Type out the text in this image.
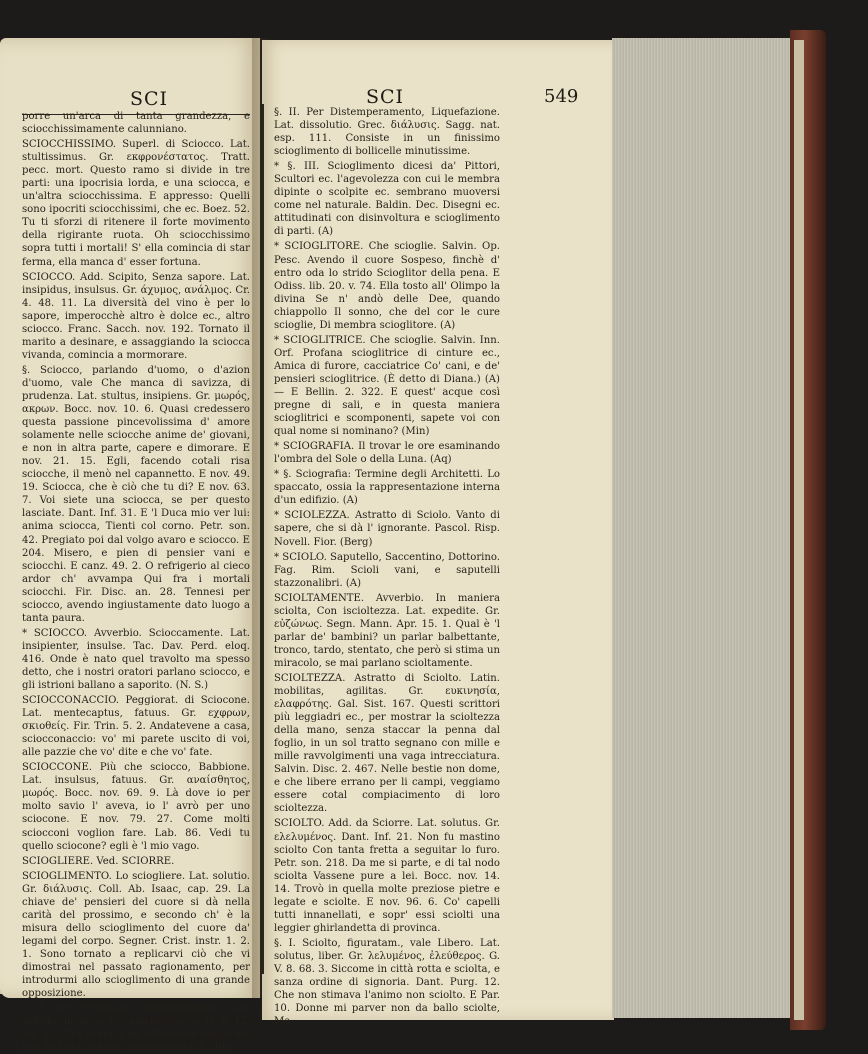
SCI

porre un'arca di tanta grandezza, e sciocchissimamente calunniano.

SCIOCCHISSIMO. Superl. di Sciocco. Lat. stultissimus. Gr. εκφρονέστατος. Tratt. pecc. mort. Questo ramo si divide in tre parti: una ipocrisia lorda, e una sciocca, e un'altra sciocchissima. E appresso: Quelli sono ipocriti sciocchissimi, che ec. Boez. 52. Tu ti sforzi di ritenere il forte movimento della rigirante ruota. Oh sciocchissimo sopra tutti i mortali! S' ella comincia di star ferma, ella manca d' esser fortuna.

SCIOCCO. Add. Scipito, Senza sapore. Lat. insipidus, insulsus. Gr. άχυμος, ανάλμος. Cr. 4. 48. 11. La diversità del vino è per lo sapore, imperocchè altro è dolce ec., altro sciocco. Franc. Sacch. nov. 192. Tornato il marito a desinare, e assaggiando la sciocca vivanda, comincia a mormorare.

§. Sciocco, parlando d'uomo, o d'azion d'uomo, vale Che manca di savizza, di prudenza. Lat. stultus, insipiens. Gr. μωρός, ακρων. Bocc. nov. 10. 6. Quasi credessero questa passione pincevolissima d' amore solamente nelle sciocche anime de' giovani, e non in altra parte, capere e dimorare. E nov. 21. 15. Egli, facendo cotali risa sciocche, il menò nel capannetto. E nov. 49. 19. Sciocca, che è ciò che tu di? E nov. 63. 7. Voi siete una sciocca, se per questo lasciate. Dant. Inf. 31. E 'l Duca mio ver lui: anima sciocca, Tienti col corno. Petr. son. 42. Pregiato poi dal volgo avaro e sciocco. E 204. Misero, e pien di pensier vani e sciocchi. E canz. 49. 2. O refrigerio al cieco ardor ch' avvampa Qui fra i mortali sciocchi. Fir. Disc. an. 28. Tennesi per sciocco, avendo ingiustamente dato luogo a tanta paura.

* SCIOCCO. Avverbio. Scioccamente. Lat. insipienter, insulse. Tac. Dav. Perd. eloq. 416. Onde è nato quel travolto ma spesso detto, che i nostri oratori parlano sciocco, e gli istrioni ballano a saporito. (N. S.)

SCIOCCONACCIO. Peggiorat. di Sciocone. Lat. mentecaptus, fatuus. Gr. εχφρων, σκιοθείς. Fir. Trin. 5. 2. Andatevene a casa, sciocconaccio: vo' mi parete uscito di voi, alle pazzie che vo' dite e che vo' fate.

SCIOCCONE. Più che sciocco, Babbione. Lat. insulsus, fatuus. Gr. αναίσθητος, μωρός. Bocc. nov. 69. 9. Là dove io per molto savio l' aveva, io l' avrò per uno sciocone. E nov. 79. 27. Come molti sciocconi voglion fare. Lab. 86. Vedi tu quello sciocone? egli è 'l mio vago.

SCIOGLIERE. Ved. SCIORRE.

SCIOGLIMENTO. Lo sciogliere. Lat. solutio. Gr. διάλυσις. Coll. Ab. Isaac, cap. 29. La chiave de' pensieri del cuore si dà nella carità del prossimo, e secondo ch' è la misura dello scioglimento del cuore da' legami del corpo. Segner. Crist. instr. 1. 2. 1. Sono tornato a replicarvi ciò che vi dimostrai nel passato ragionamento, per introdurmi allo scioglimento di una grande opposizione.

§. I. Per Sedizioso commovimento. Lat. seditio, licentia. Gr. ακαταστασία. G. V. 12. 58. 3. Altra ruberia od offensione corporale non fu fatta in tanto scioglimento di città.

SCI	549

§. II. Per Distemperamento, Liquefazione. Lat. dissolutio. Grec. διάλυσις. Sagg. nat. esp. 111. Consiste in un finissimo scioglimento di bollicelle minutissime.

* §. III. Scioglimento dicesi da' Pittori, Scultori ec. l'agevolezza con cui le membra dipinte o scolpite ec. sembrano muoversi come nel naturale. Baldin. Dec. Disegni ec. attitudinati con disinvoltura e scioglimento di parti. (A)

* SCIOGLITORE. Che scioglie. Salvin. Op. Pesc. Avendo il cuore Sospeso, finchè d' entro oda lo strido Scioglitor della pena. E Odiss. lib. 20. v. 74. Ella tosto all' Olimpo la divina Se n' andò delle Dee, quando chiappollo Il sonno, che del cor le cure scioglie, Di membra scioglitore. (A)

* SCIOGLITRICE. Che scioglie. Salvin. Inn. Orf. Profana scioglitrice di cinture ec., Amica di furore, cacciatrice Co' cani, e de' pensieri scioglitrice. (È detto di Diana.) (A) — E Bellin. 2. 322. E quest' acque così pregne di sali, e in questa maniera scioglitrici e scomponenti, sapete voi con qual nome si nominano? (Min)

* SCIOGRAFIA. Il trovar le ore esaminando l'ombra del Sole o della Luna. (Aq)

* §. Sciografia: Termine degli Architetti. Lo spaccato, ossia la rappresentazione interna d'un edifizio. (A)

* SCIOLEZZA. Astratto di Sciolo. Vanto di sapere, che si dà l' ignorante. Pascol. Risp. Novell. Fior. (Berg)

* SCIOLO. Saputello, Saccentino, Dottorino. Fag. Rim. Scioli vani, e saputelli stazzonalibri. (A)

SCIOLTAMENTE. Avverbio. In maniera sciolta, Con iscioltezza. Lat. expedite. Gr. εὐζώνως. Segn. Mann. Apr. 15. 1. Qual è 'l parlar de' bambini? un parlar balbettante, tronco, tardo, stentato, che però si stima un miracolo, se mai parlano scioltamente.

SCIOLTEZZA. Astratto di Sciolto. Latin. mobilitas, agilitas. Gr. ευκινησία, ελαφρότης. Gal. Sist. 167. Questi scrittori più leggiadri ec., per mostrar la scioltezza della mano, senza staccar la penna dal foglio, in un sol tratto segnano con mille e mille ravvolgimenti una vaga intrecciatura. Salvin. Disc. 2. 467. Nelle bestie non dome, e che libere errano per li campi, veggiamo essere cotal compiacimento di loro scioltezza.

SCIOLTO. Add. da Sciorre. Lat. solutus. Gr. ελελυμένος. Dant. Inf. 21. Non fu mastino sciolto Con tanta fretta a seguitar lo furo. Petr. son. 218. Da me si parte, e di tal nodo sciolta Vassene pure a lei. Bocc. nov. 14. 14. Trovò in quella molte preziose pietre e legate e sciolte. E nov. 96. 6. Co' capelli tutti innanellati, e sopr' essi sciolti una leggier ghirlandetta di provinca.

§. I. Sciolto, figuratam., vale Libero. Lat. solutus, liber. Gr. λελυμένος, ἐλεύθερος. G. V. 8. 68. 3. Siccome in città rotta e sciolta, e sanza ordine di signoria. Dant. Purg. 12. Che non stimava l'animo non sciolto. E Par. 10. Donne mi parver non da ballo sciolte, Ma
